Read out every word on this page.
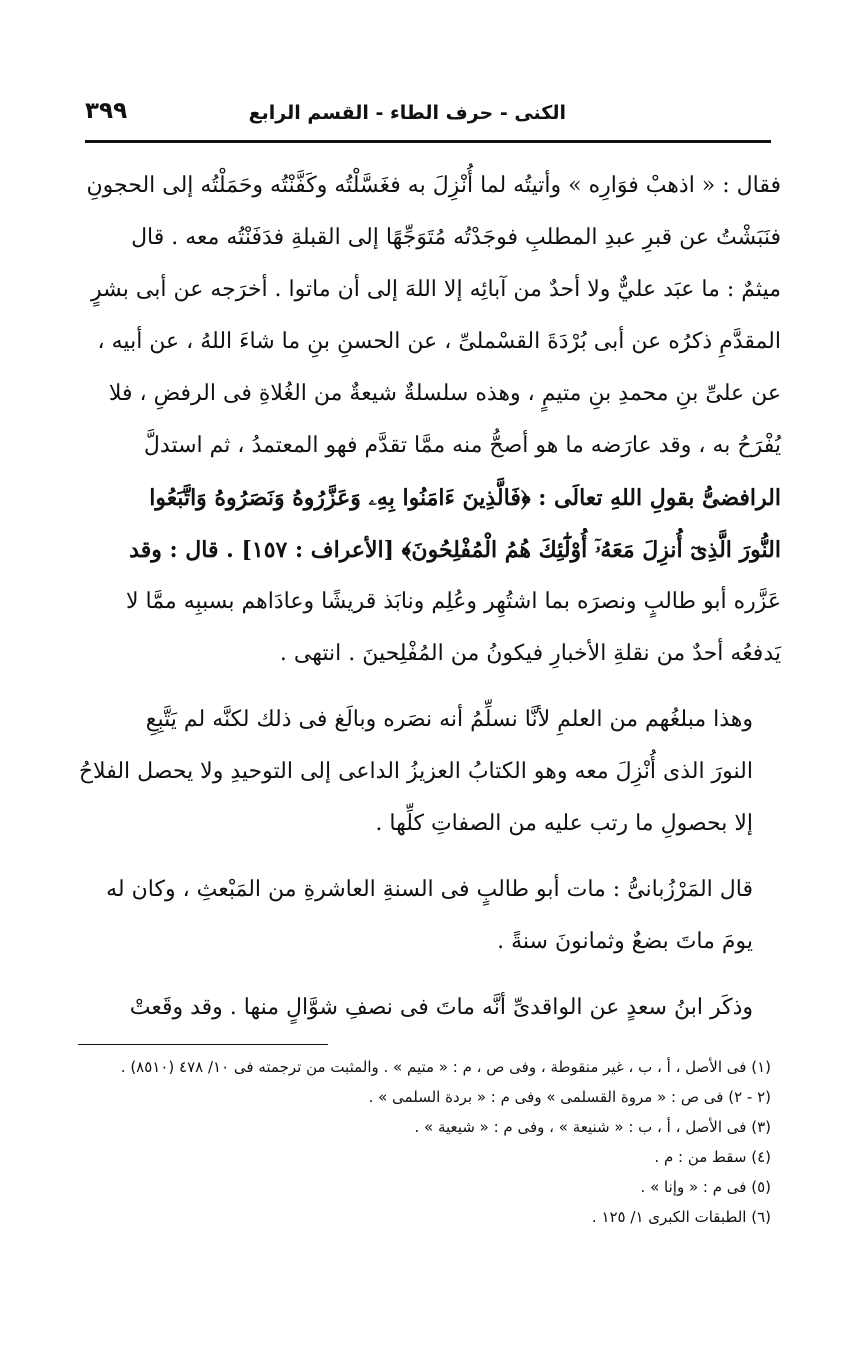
الكنى - حرف الطاء - القسم الرابع
٣٩٩
فقال : « اذهبْ فوَارِه » وأتيتُه لما أُنْزِلَ به فغَسَّلْتُه وكَفَّنْتُه وحَمَلْتُه إلى الحجونِ
فنَبَشْتُ عن قبرِ عبدِ المطلبِ فوجَدْتُه مُتَوَجِّهًا إلى القبلةِ فدَفَنْتُه معه . قال
ميثمٌ : ما عبَد عليٌّ ولا أحدٌ من آبائِه إلا اللهَ إلى أن ماتوا . أخرَجه عن أبى بشرٍ
المقدَّمِ ذكرُه عن أبى بُرْدَةَ القسْملىِّ ، عن الحسنِ بنِ ما شاءَ اللهُ ، عن أبيه ،
عن علىِّ بنِ محمدِ بنِ متيمٍ ، وهذه سلسلةٌ شيعةٌ من الغُلاةِ فى الرفضِ ، فلا
يُفْرَحُ به ، وقد عارَضه ما هو أصحُّ منه ممَّا تقدَّم فهو المعتمدُ ، ثم استدلَّ
الرافضىُّ بقولِ اللهِ تعالَى : ﴿فَالَّذِينَ ءَامَنُوا بِهِۦ وَعَزَّرُوهُ وَنَصَرُوهُ وَاتَّبَعُوا
النُّورَ الَّذِىٓ أُنزِلَ مَعَهُۥٓ أُوْلَٰٓئِكَ هُمُ الْمُفْلِحُونَ﴾ [الأعراف : ١٥٧] . قال : وقد
عَزَّره أبو طالبٍ ونصرَه بما اشتُهِر وعُلِم ونابَذ قريشًا وعادَاهم بسببِه ممَّا لا
يَدفعُه أحدٌ من نقلةِ الأخبارِ فيكونُ من المُفْلِحينَ . انتهى .
وهذا مبلغُهم من العلمِ لأنَّا نسلِّمُ أنه نصَره وبالَغ فى ذلك لكنَّه لم يَتَّبِعِ
النورَ الذى أُنْزِلَ معه وهو الكتابُ العزيزُ الداعى إلى التوحيدِ ولا يحصل الفلاحُ
إلا بحصولِ ما رتب عليه من الصفاتِ كلِّها .
قال المَرْزُبانىُّ : مات أبو طالبٍ فى السنةِ العاشرةِ من المَبْعثِ ، وكان له
يومَ ماتَ بضعٌ وثمانونَ سنةً .
وذكَر ابنُ سعدٍ عن الواقدىِّ أنَّه ماتَ فى نصفِ شوَّالٍ منها . وقد وقَعتْ
(١) فى الأصل ، أ ، ب ، غير منقوطة ، وفى ص ، م : « متيم » . والمثبت من ترجمته فى ١٠/ ٤٧٨ (٨٥١٠) .
(٢ - ٢) فى ص : « مروة القسلمى » وفى م : « بردة السلمى » .
(٣) فى الأصل ، أ ، ب : « شنيعة » ، وفى م : « شيعية » .
(٤) سقط من : م .
(٥) فى م : « وإنا » .
(٦) الطبقات الكبرى ١/ ١٢٥ .
